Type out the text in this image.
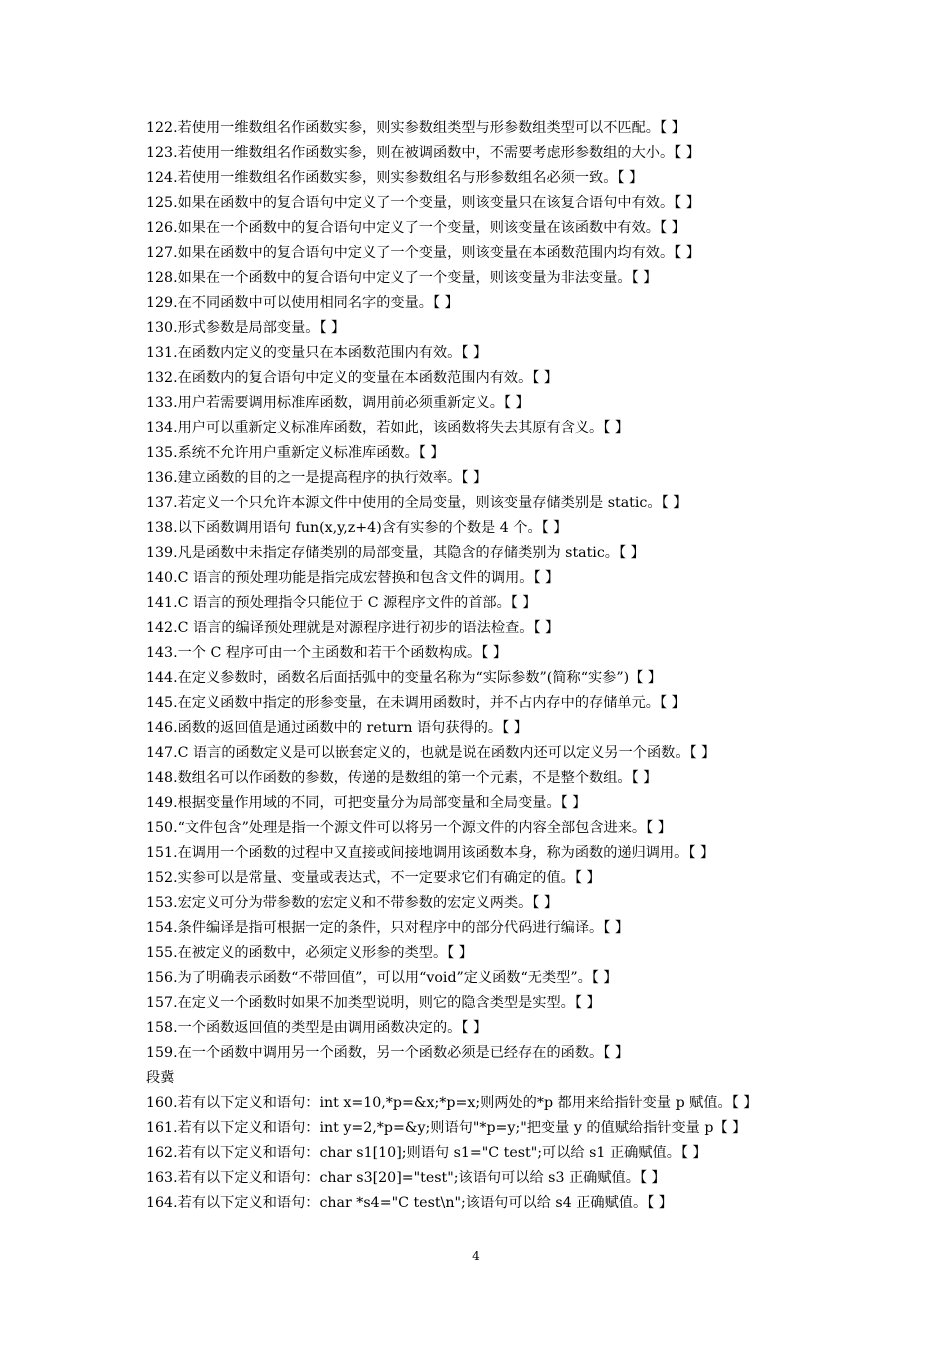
122.若使用一维数组名作函数实参，则实参数组类型与形参数组类型可以不匹配。【 】
123.若使用一维数组名作函数实参，则在被调函数中，不需要考虑形参数组的大小。【 】
124.若使用一维数组名作函数实参，则实参数组名与形参数组名必须一致。【 】
125.如果在函数中的复合语句中定义了一个变量，则该变量只在该复合语句中有效。【 】
126.如果在一个函数中的复合语句中定义了一个变量，则该变量在该函数中有效。【 】
127.如果在函数中的复合语句中定义了一个变量，则该变量在本函数范围内均有效。【 】
128.如果在一个函数中的复合语句中定义了一个变量，则该变量为非法变量。【 】
129.在不同函数中可以使用相同名字的变量。【 】
130.形式参数是局部变量。【 】
131.在函数内定义的变量只在本函数范围内有效。【 】
132.在函数内的复合语句中定义的变量在本函数范围内有效。【 】
133.用户若需要调用标准库函数，调用前必须重新定义。【 】
134.用户可以重新定义标准库函数，若如此，该函数将失去其原有含义。【 】
135.系统不允许用户重新定义标准库函数。【 】
136.建立函数的目的之一是提高程序的执行效率。【 】
137.若定义一个只允许本源文件中使用的全局变量，则该变量存储类别是 static。【 】
138.以下函数调用语句 fun(x,y,z+4)含有实参的个数是 4 个。【 】
139.凡是函数中未指定存储类别的局部变量，其隐含的存储类别为 static。【 】
140.C 语言的预处理功能是指完成宏替换和包含文件的调用。【 】
141.C 语言的预处理指令只能位于 C 源程序文件的首部。【 】
142.C 语言的编译预处理就是对源程序进行初步的语法检查。【 】
143.一个 C 程序可由一个主函数和若干个函数构成。【 】
144.在定义参数时，函数名后面括弧中的变量名称为“实际参数”(简称“实参”)【 】
145.在定义函数中指定的形参变量，在未调用函数时，并不占内存中的存储单元。【 】
146.函数的返回值是通过函数中的 return 语句获得的。【 】
147.C 语言的函数定义是可以嵌套定义的，也就是说在函数内还可以定义另一个函数。【 】
148.数组名可以作函数的参数，传递的是数组的第一个元素，不是整个数组。【 】
149.根据变量作用域的不同，可把变量分为局部变量和全局变量。【 】
150.“文件包含”处理是指一个源文件可以将另一个源文件的内容全部包含进来。【 】
151.在调用一个函数的过程中又直接或间接地调用该函数本身，称为函数的递归调用。【 】
152.实参可以是常量、变量或表达式，不一定要求它们有确定的值。【 】
153.宏定义可分为带参数的宏定义和不带参数的宏定义两类。【 】
154.条件编译是指可根据一定的条件，只对程序中的部分代码进行编译。【 】
155.在被定义的函数中，必须定义形参的类型。【 】
156.为了明确表示函数“不带回值”，可以用“void”定义函数“无类型”。【 】
157.在定义一个函数时如果不加类型说明，则它的隐含类型是实型。【 】
158.一个函数返回值的类型是由调用函数决定的。【 】
159.在一个函数中调用另一个函数，另一个函数必须是已经存在的函数。【 】
段冀
160.若有以下定义和语句：int x=10,*p=&x;*p=x;则两处的*p 都用来给指针变量 p 赋值。【 】
161.若有以下定义和语句：int y=2,*p=&y;则语句"*p=y;"把变量 y 的值赋给指针变量 p【 】
162.若有以下定义和语句：char s1[10];则语句 s1="C test";可以给 s1 正确赋值。【 】
163.若有以下定义和语句：char s3[20]="test";该语句可以给 s3 正确赋值。【 】
164.若有以下定义和语句：char *s4="C test\n";该语句可以给 s4 正确赋值。【 】
4
